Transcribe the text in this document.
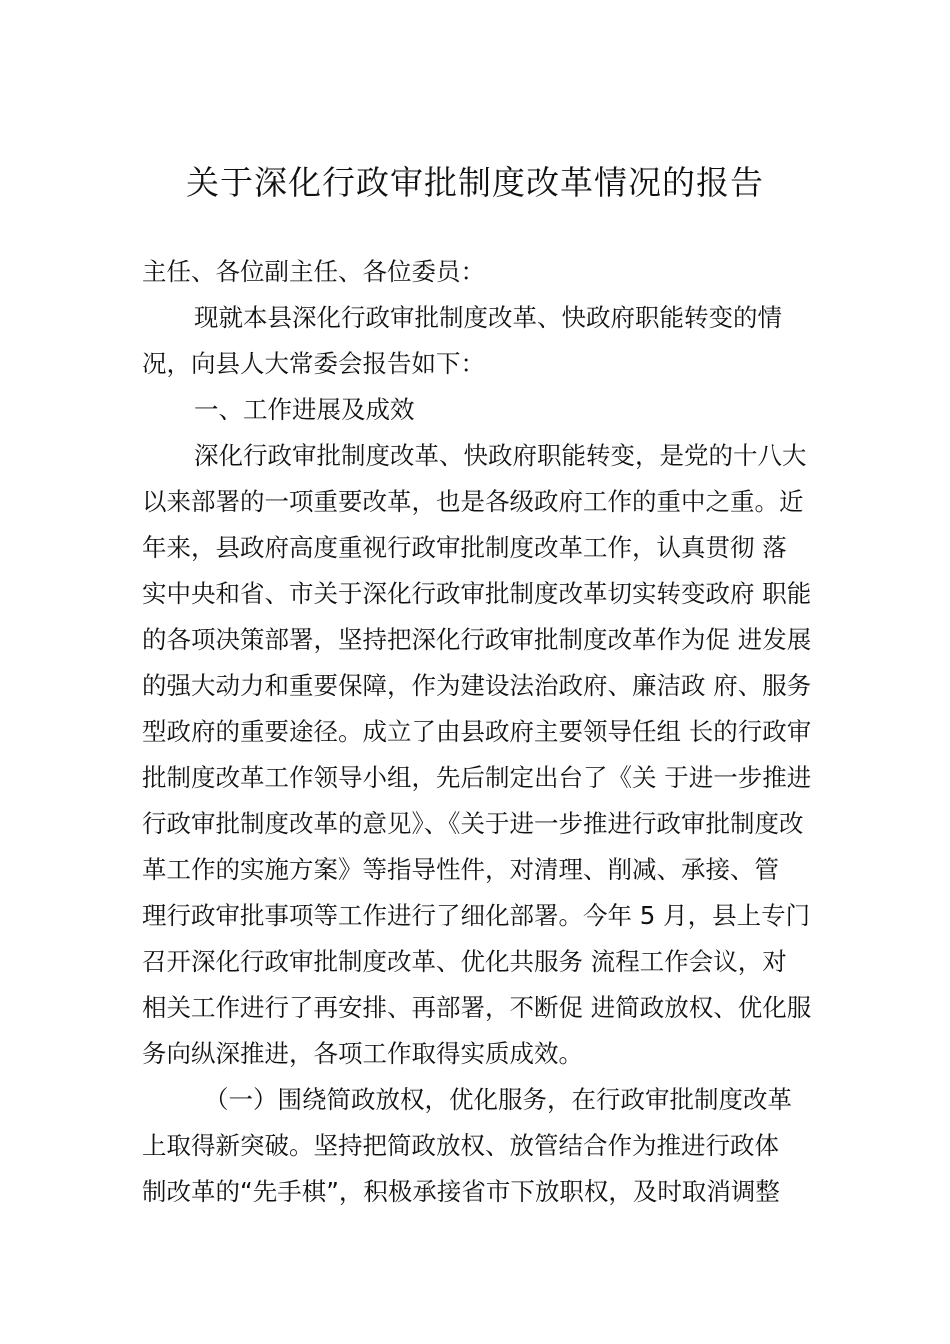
关于深化行政审批制度改革情况的报告
主任、各位副主任、各位委员：
现就本县深化行政审批制度改革、快政府职能转变的情
况，向县人大常委会报告如下：
一、工作进展及成效
深化行政审批制度改革、快政府职能转变，是党的十八大
以来部署的一项重要改革，也是各级政府工作的重中之重。近
年来，县政府高度重视行政审批制度改革工作，认真贯彻 落
实中央和省、市关于深化行政审批制度改革切实转变政府 职能
的各项决策部署，坚持把深化行政审批制度改革作为促 进发展
的强大动力和重要保障，作为建设法治政府、廉洁政 府、服务
型政府的重要途径。成立了由县政府主要领导任组 长的行政审
批制度改革工作领导小组，先后制定出台了《关 于进一步推进
行政审批制度改革的意见》、《关于进一步推进行政审批制度改
革工作的实施方案》等指导性件，对清理、削减、承接、管
理行政审批事项等工作进行了细化部署。今年 5 月，县上专门
召开深化行政审批制度改革、优化共服务 流程工作会议，对
相关工作进行了再安排、再部署，不断促 进简政放权、优化服
务向纵深推进，各项工作取得实质成效。
（一）围绕简政放权，优化服务，在行政审批制度改革
上取得新突破。坚持把简政放权、放管结合作为推进行政体
制改革的“先手棋”，积极承接省市下放职权，及时取消调整
